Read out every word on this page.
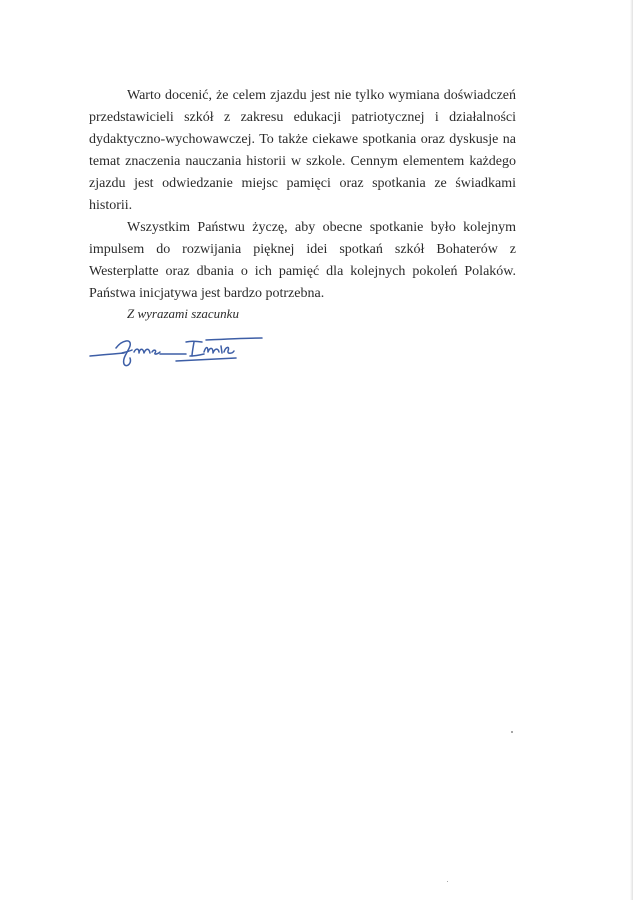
Warto docenić, że celem zjazdu jest nie tylko wymiana doświadczeń przedstawicieli szkół z zakresu edukacji patriotycznej i działalności dydaktyczno-wychowawczej. To także ciekawe spotkania oraz dyskusje na temat znaczenia nauczania historii w szkole. Cennym elementem każdego zjazdu jest odwiedzanie miejsc pamięci oraz spotkania ze świadkami historii.
Wszystkim Państwu życzę, aby obecne spotkanie było kolejnym impulsem do rozwijania pięknej idei spotkań szkół Bohaterów z Westerplatte oraz dbania o ich pamięć dla kolejnych pokoleń Polaków. Państwa inicjatywa jest bardzo potrzebna.
Z wyrazami szacunku
